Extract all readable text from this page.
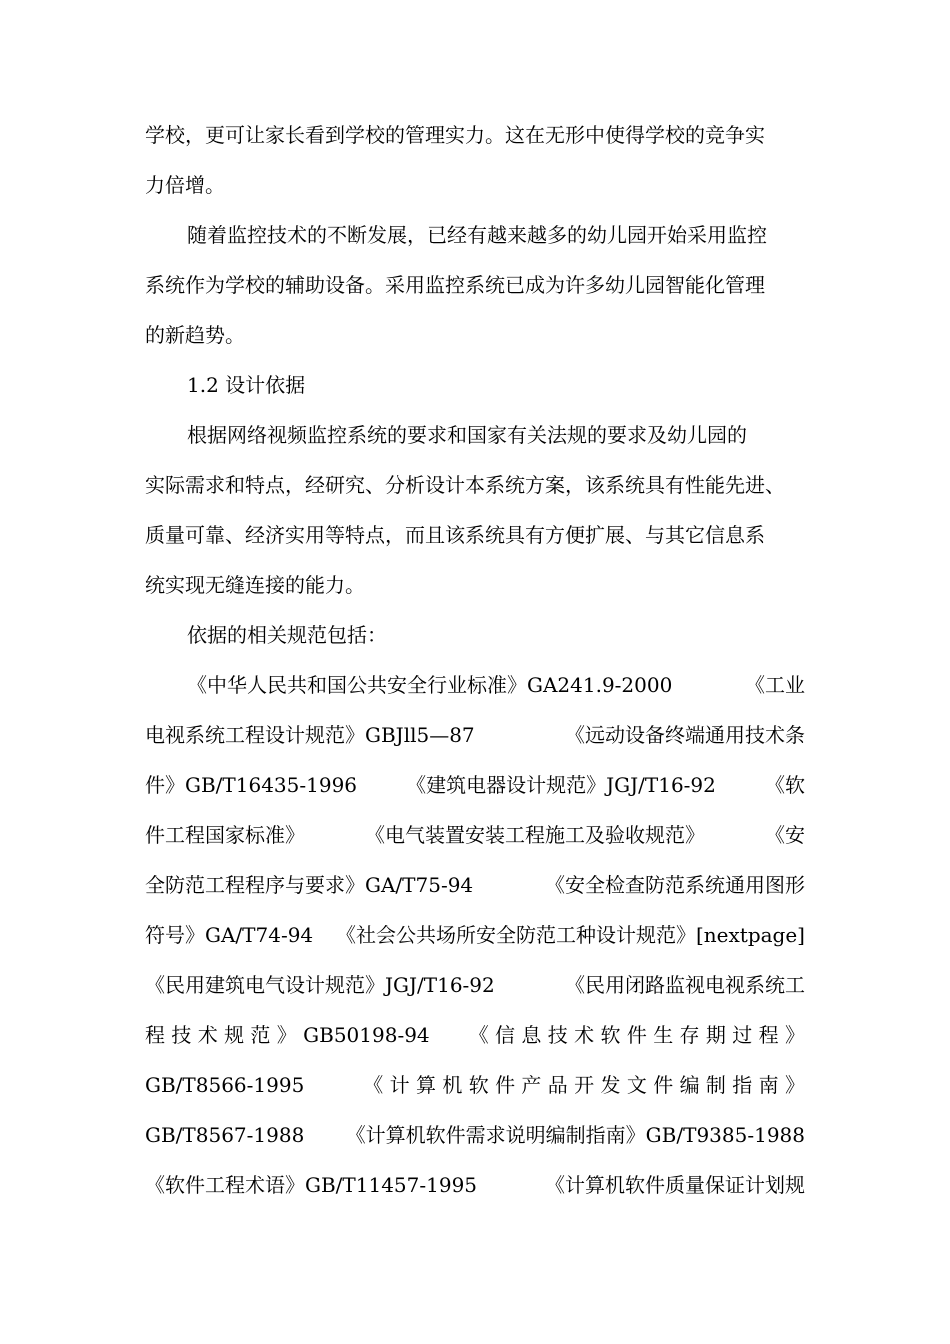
学校，更可让家长看到学校的管理实力。这在无形中使得学校的竞争实
力倍增。
随着监控技术的不断发展，已经有越来越多的幼儿园开始采用监控
系统作为学校的辅助设备。采用监控系统已成为许多幼儿园智能化管理
的新趋势。
1.2 设计依据
根据网络视频监控系统的要求和国家有关法规的要求及幼儿园的
实际需求和特点，经研究、分析设计本系统方案，该系统具有性能先进、
质量可靠、经济实用等特点，而且该系统具有方便扩展、与其它信息系
统实现无缝连接的能力。
依据的相关规范包括：
《中华人民共和国公共安全行业标准》GA241.9-2000	《工业
电视系统工程设计规范》GBJll5—87	《远动设备终端通用技术条
件》GB/T16435-1996 《建筑电器设计规范》JGJ/T16-92 《软
件工程国家标准》	《电气装置安装工程施工及验收规范》	《安
全防范工程程序与要求》GA/T75-94	《安全检查防范系统通用图形
符号》GA/T74-94 《社会公共场所安全防范工种设计规范》[nextpage]
《民用建筑电气设计规范》JGJ/T16-92	《民用闭路监视电视系统工
程 技 术 规 范 》 GB50198-94 《 信 息 技 术 软 件 生 存 期 过 程 》
GB/T8566-1995	《 计 算 机 软 件 产 品 开 发 文 件 编 制 指 南 》
GB/T8567-1988 《计算机软件需求说明编制指南》GB/T9385-1988
《软件工程术语》GB/T11457-1995	《计算机软件质量保证计划规
